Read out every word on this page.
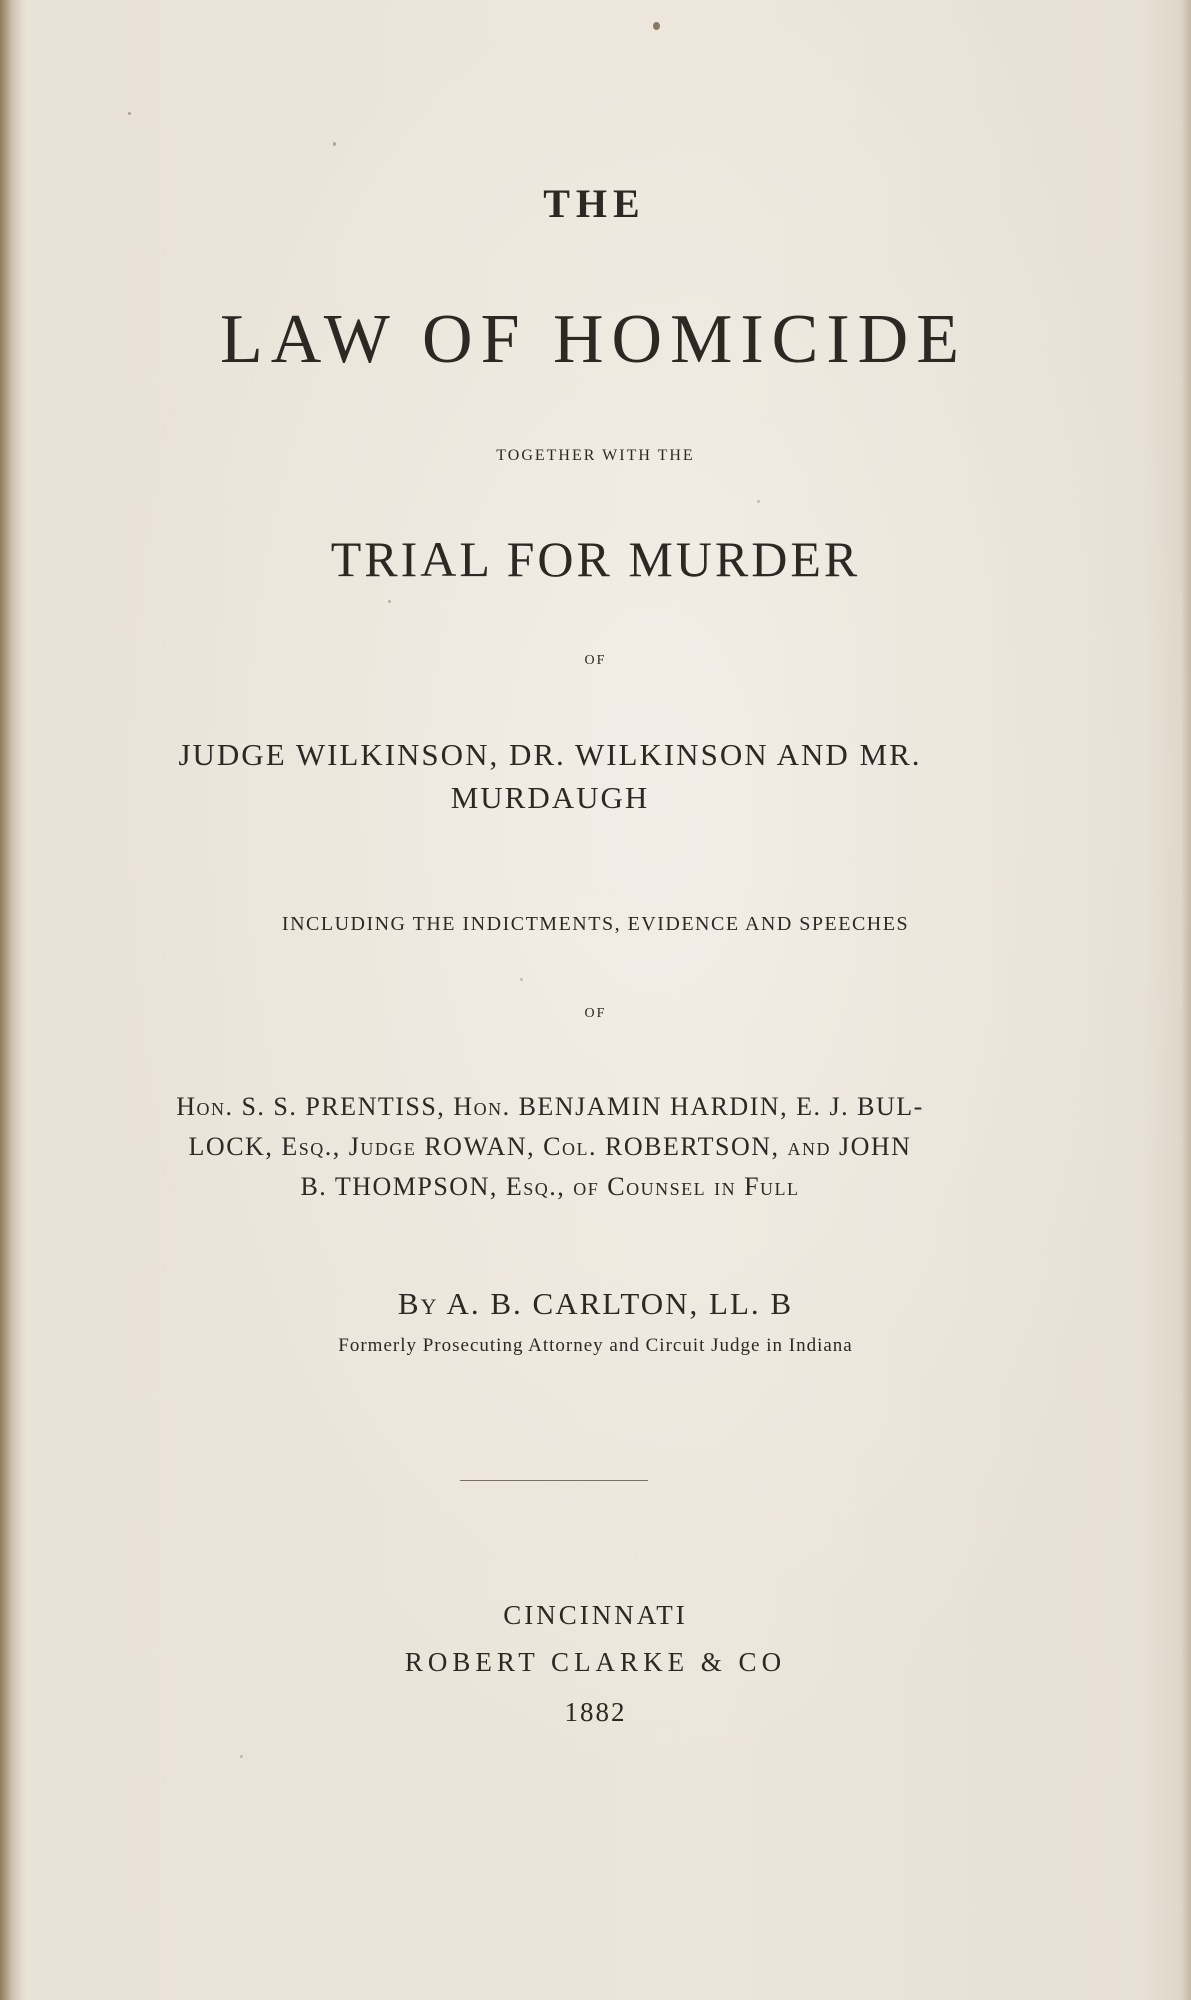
THE
LAW OF HOMICIDE
TOGETHER WITH THE
TRIAL FOR MURDER
OF
JUDGE WILKINSON, DR. WILKINSON AND MR.
MURDAUGH
INCLUDING THE INDICTMENTS, EVIDENCE AND SPEECHES
OF
Hon. S. S. PRENTISS, Hon. BENJAMIN HARDIN, E. J. BUL-
LOCK, Esq., Judge ROWAN, Col. ROBERTSON, and JOHN
B. THOMPSON, Esq., of Counsel in Full
By A. B. CARLTON, LL. B
Formerly Prosecuting Attorney and Circuit Judge in Indiana
CINCINNATI
ROBERT CLARKE & CO
1882
